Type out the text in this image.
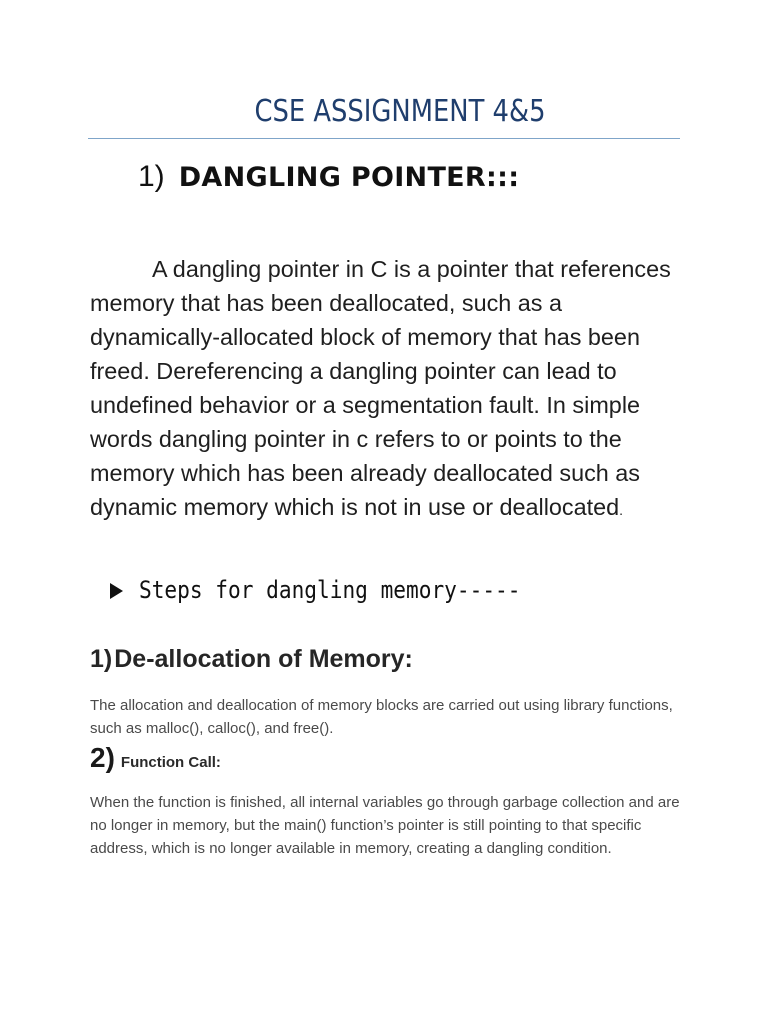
CSE ASSIGNMENT 4&5
1) DANGLING POINTER:::

A dangling pointer in C is a pointer that references memory that has been deallocated, such as a dynamically-allocated block of memory that has been freed. Dereferencing a dangling pointer can lead to undefined behavior or a segmentation fault. In simple words dangling pointer in c refers to or points to the memory which has been already deallocated such as dynamic memory which is not in use or deallocated.

Steps for dangling memory-----
1)De-allocation of Memory:

The allocation and deallocation of memory blocks are carried out using library functions, such as malloc(), calloc(), and free().

2) Function Call:

When the function is finished, all internal variables go through garbage collection and are no longer in memory, but the main() function’s pointer is still pointing to that specific address, which is no longer available in memory, creating a dangling condition.
